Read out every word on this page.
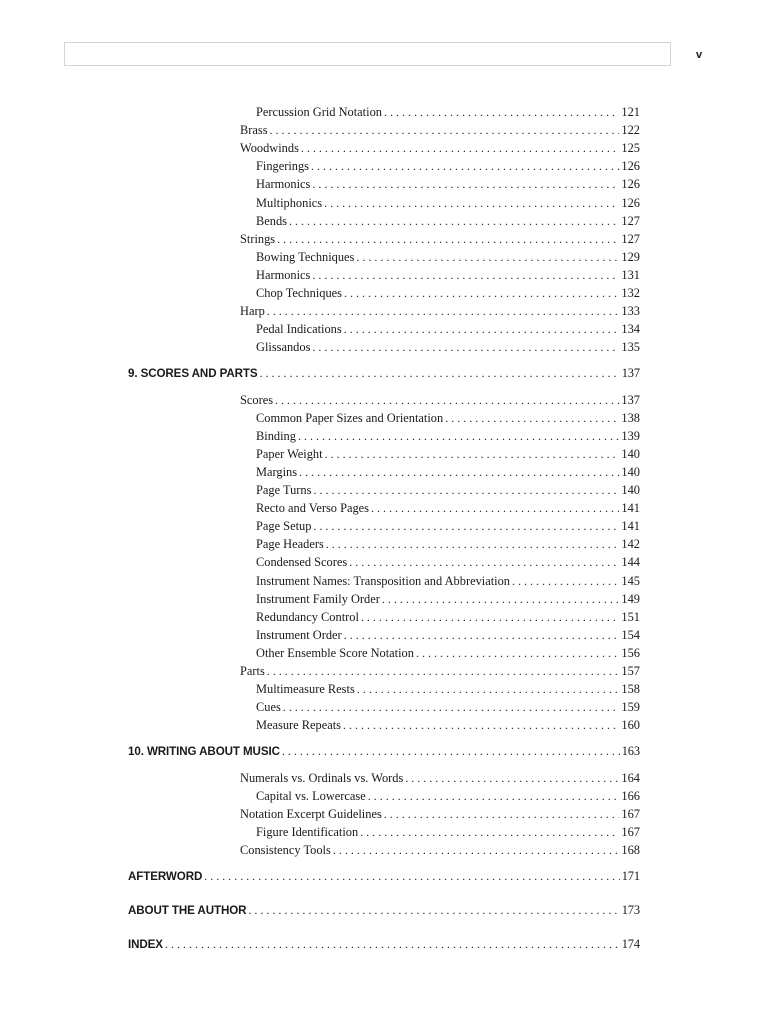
v
Percussion Grid Notation . . .	121
Brass . . .	122
Woodwinds . . .	125
Fingerings . . .	126
Harmonics . . .	126
Multiphonics . . .	126
Bends . . .	127
Strings . . .	127
Bowing Techniques . . .	129
Harmonics . . .	131
Chop Techniques . . .	132
Harp . . .	133
Pedal Indications . . .	134
Glissandos . . .	135
9. SCORES AND PARTS . . .	137
Scores . . .	137
Common Paper Sizes and Orientation . . .	138
Binding . . .	139
Paper Weight . . .	140
Margins . . .	140
Page Turns . . .	140
Recto and Verso Pages . . .	141
Page Setup . . .	141
Page Headers . . .	142
Condensed Scores . . .	144
Instrument Names: Transposition and Abbreviation . . .	145
Instrument Family Order . . .	149
Redundancy Control . . .	151
Instrument Order . . .	154
Other Ensemble Score Notation . . .	156
Parts . . .	157
Multimeasure Rests . . .	158
Cues . . .	159
Measure Repeats . . .	160
10. WRITING ABOUT MUSIC . . .	163
Numerals vs. Ordinals vs. Words . . .	164
Capital vs. Lowercase . . .	166
Notation Excerpt Guidelines . . .	167
Figure Identification . . .	167
Consistency Tools . . .	168
AFTERWORD . . .	171
ABOUT THE AUTHOR . . .	173
INDEX . . .	174
